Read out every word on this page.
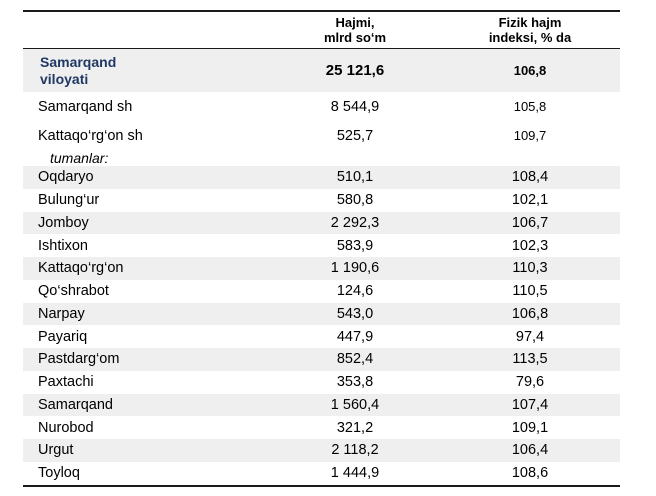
Hajmi,
mlrd so‘m
Fizik hajm
indeksi, % da
Samarqand
viloyati	25 121,6	106,8
Samarqand sh	8 544,9	105,8
Kattaqo‘rg‘on sh	525,7	109,7
tumanlar:
Oqdaryo	510,1	108,4
Bulung‘ur	580,8	102,1
Jomboy	2 292,3	106,7
Ishtixon	583,9	102,3
Kattaqo‘rg‘on	1 190,6	110,3
Qo‘shrabot	124,6	110,5
Narpay	543,0	106,8
Payariq	447,9	97,4
Pastdarg‘om	852,4	113,5
Paxtachi	353,8	79,6
Samarqand	1 560,4	107,4
Nurobod	321,2	109,1
Urgut	2 118,2	106,4
Toyloq	1 444,9	108,6
